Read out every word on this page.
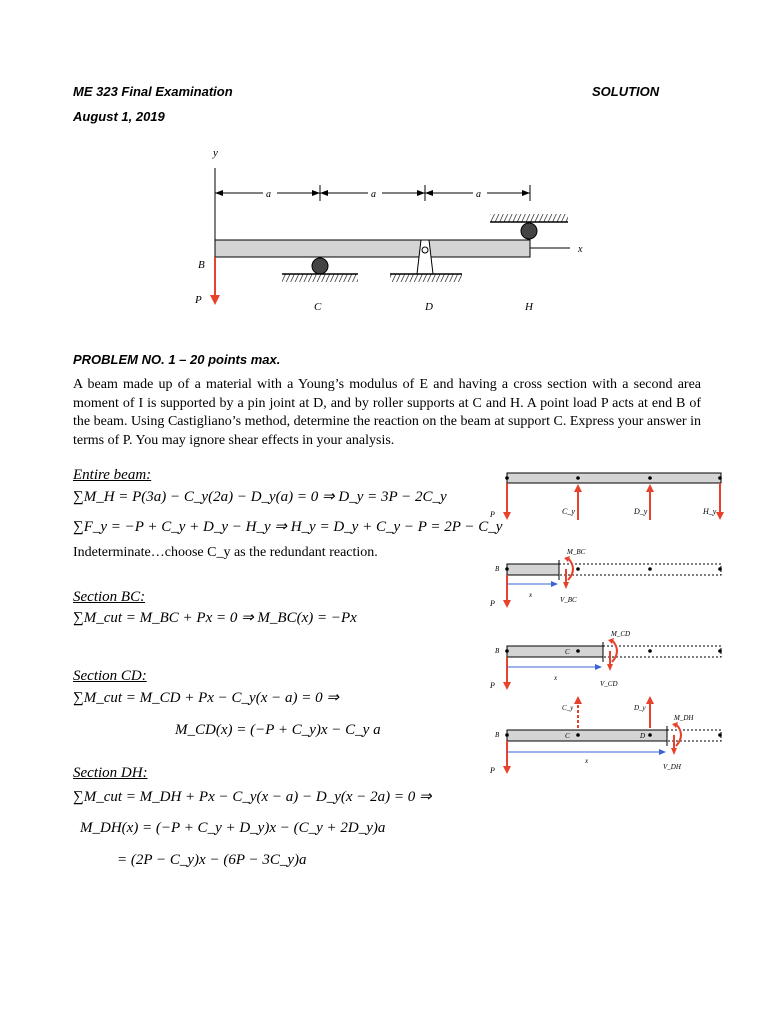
ME 323 Final Examination
August 1, 2019
SOLUTION
y
a	a	a
x
B
P
C	D	H
PROBLEM NO. 1 – 20 points max.
A beam made up of a material with a Young’s modulus of E and having a cross section with a second area moment of I is supported by a pin joint at D, and by roller supports at C and H. A point load P acts at end B of the beam. Using Castigliano’s method, determine the reaction on the beam at support C. Express your answer in terms of P. You may ignore shear effects in your analysis.
Entire beam:
∑M_H = P(3a) − C_y(2a) − D_y(a) = 0 ⇒ D_y = 3P − 2C_y
∑F_y = −P + C_y + D_y − H_y ⇒ H_y = D_y + C_y − P = 2P − C_y
Indeterminate…choose C_y as the redundant reaction.
Section BC:
∑M_cut = M_BC + Px = 0 ⇒ M_BC(x) = −Px
Section CD:
∑M_cut = M_CD + Px − C_y(x − a) = 0 ⇒
M_CD(x) = (−P + C_y)x − C_y a
Section DH:
∑M_cut = M_DH + Px − C_y(x − a) − D_y(x − 2a) = 0 ⇒
M_DH(x) = (−P + C_y + D_y)x − (C_y + 2D_y)a
= (2P − C_y)x − (6P − 3C_y)a
P	C_y	D_y	H_y
B
P
x
M_BC
V_BC
B	C
P
x
M_CD
V_CD
B	C	D
C_y	D_y
P
x
M_DH
V_DH
